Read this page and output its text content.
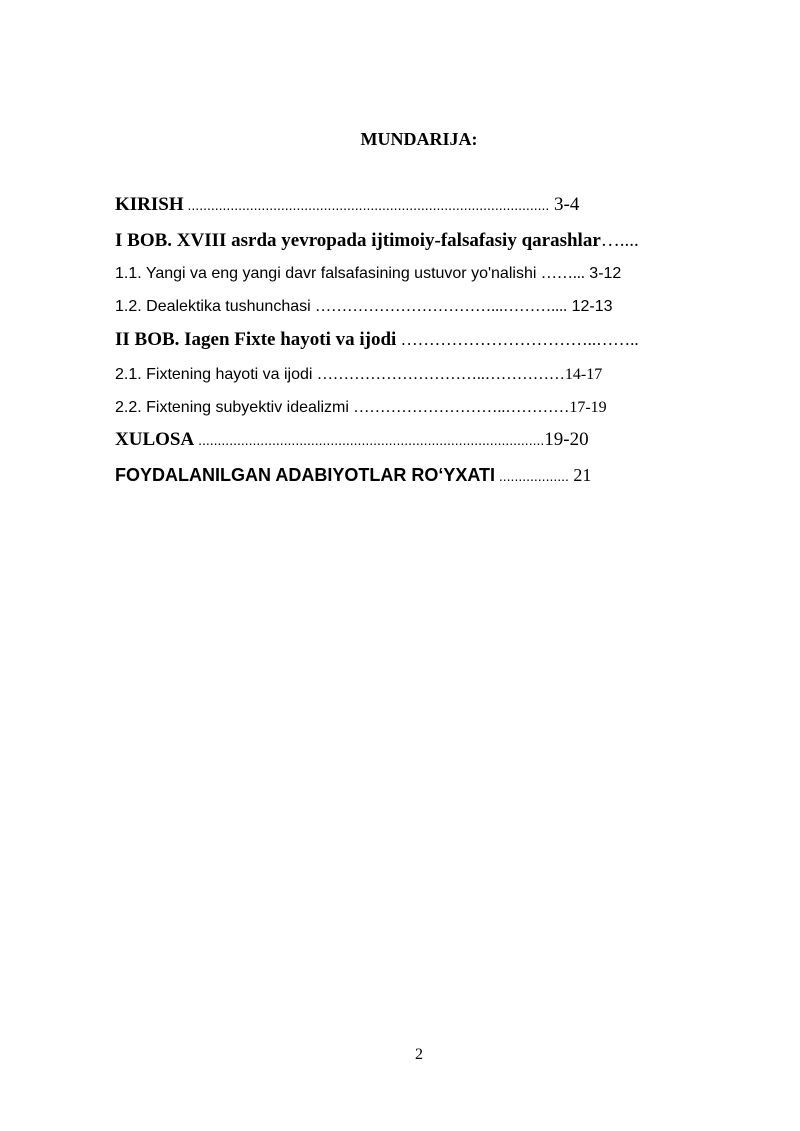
MUNDARIJA:
KIRISH ............................................................................................. 3-4
I BOB. XVIII asrda yevropada ijtimoiy-falsafasiy qarashlar…....
1.1. Yangi va eng yangi davr falsafasining ustuvor yo'nalishi ……... 3-12
1.2. Dealektika tushunchasi ……………………………...……….... 12-13
II BOB. Iagen Fixte hayoti va ijodi ……………………………..……..
2.1. Fixtening hayoti va ijodi …………………………..……………14-17
2.2. Fixtening subyektiv idealizmi ………………………..…………17-19
XULOSA .........................................................................................19-20
FOYDALANILGAN ADABIYOTLAR RO‘YXATI .................. 21
2
